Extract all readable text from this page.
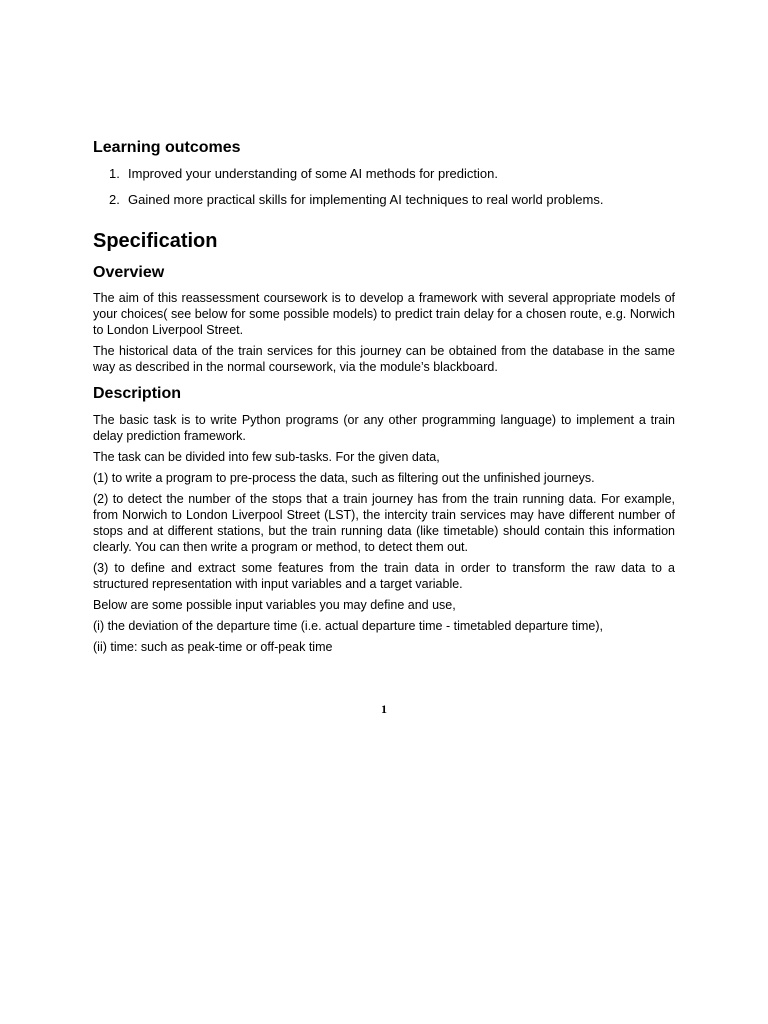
Learning outcomes
1. Improved your understanding of some AI methods for prediction.
2. Gained more practical skills for implementing AI techniques to real world problems.
Specification
Overview

The aim of this reassessment coursework is to develop a framework with several appropriate models of your choices( see below for some possible models) to predict train delay for a chosen route, e.g. Norwich to London Liverpool Street.

The historical data of the train services for this journey can be obtained from the database in the same way as described in the normal coursework, via the module’s blackboard.

Description

The basic task is to write Python programs (or any other programming language) to implement a train delay prediction framework.

The task can be divided into few sub-tasks. For the given data,

(1) to write a program to pre-process the data, such as filtering out the unfinished journeys.

(2) to detect the number of the stops that a train journey has from the train running data. For example, from Norwich to London Liverpool Street (LST), the intercity train services may have different number of stops and at different stations, but the train running data (like timetable) should contain this information clearly. You can then write a program or method, to detect them out.

(3) to define and extract some features from the train data in order to transform the raw data to a structured representation with input variables and a target variable.

Below are some possible input variables you may define and use,

(i) the deviation of the departure time (i.e. actual departure time - timetabled departure time),

(ii) time: such as peak-time or off-peak time

1
